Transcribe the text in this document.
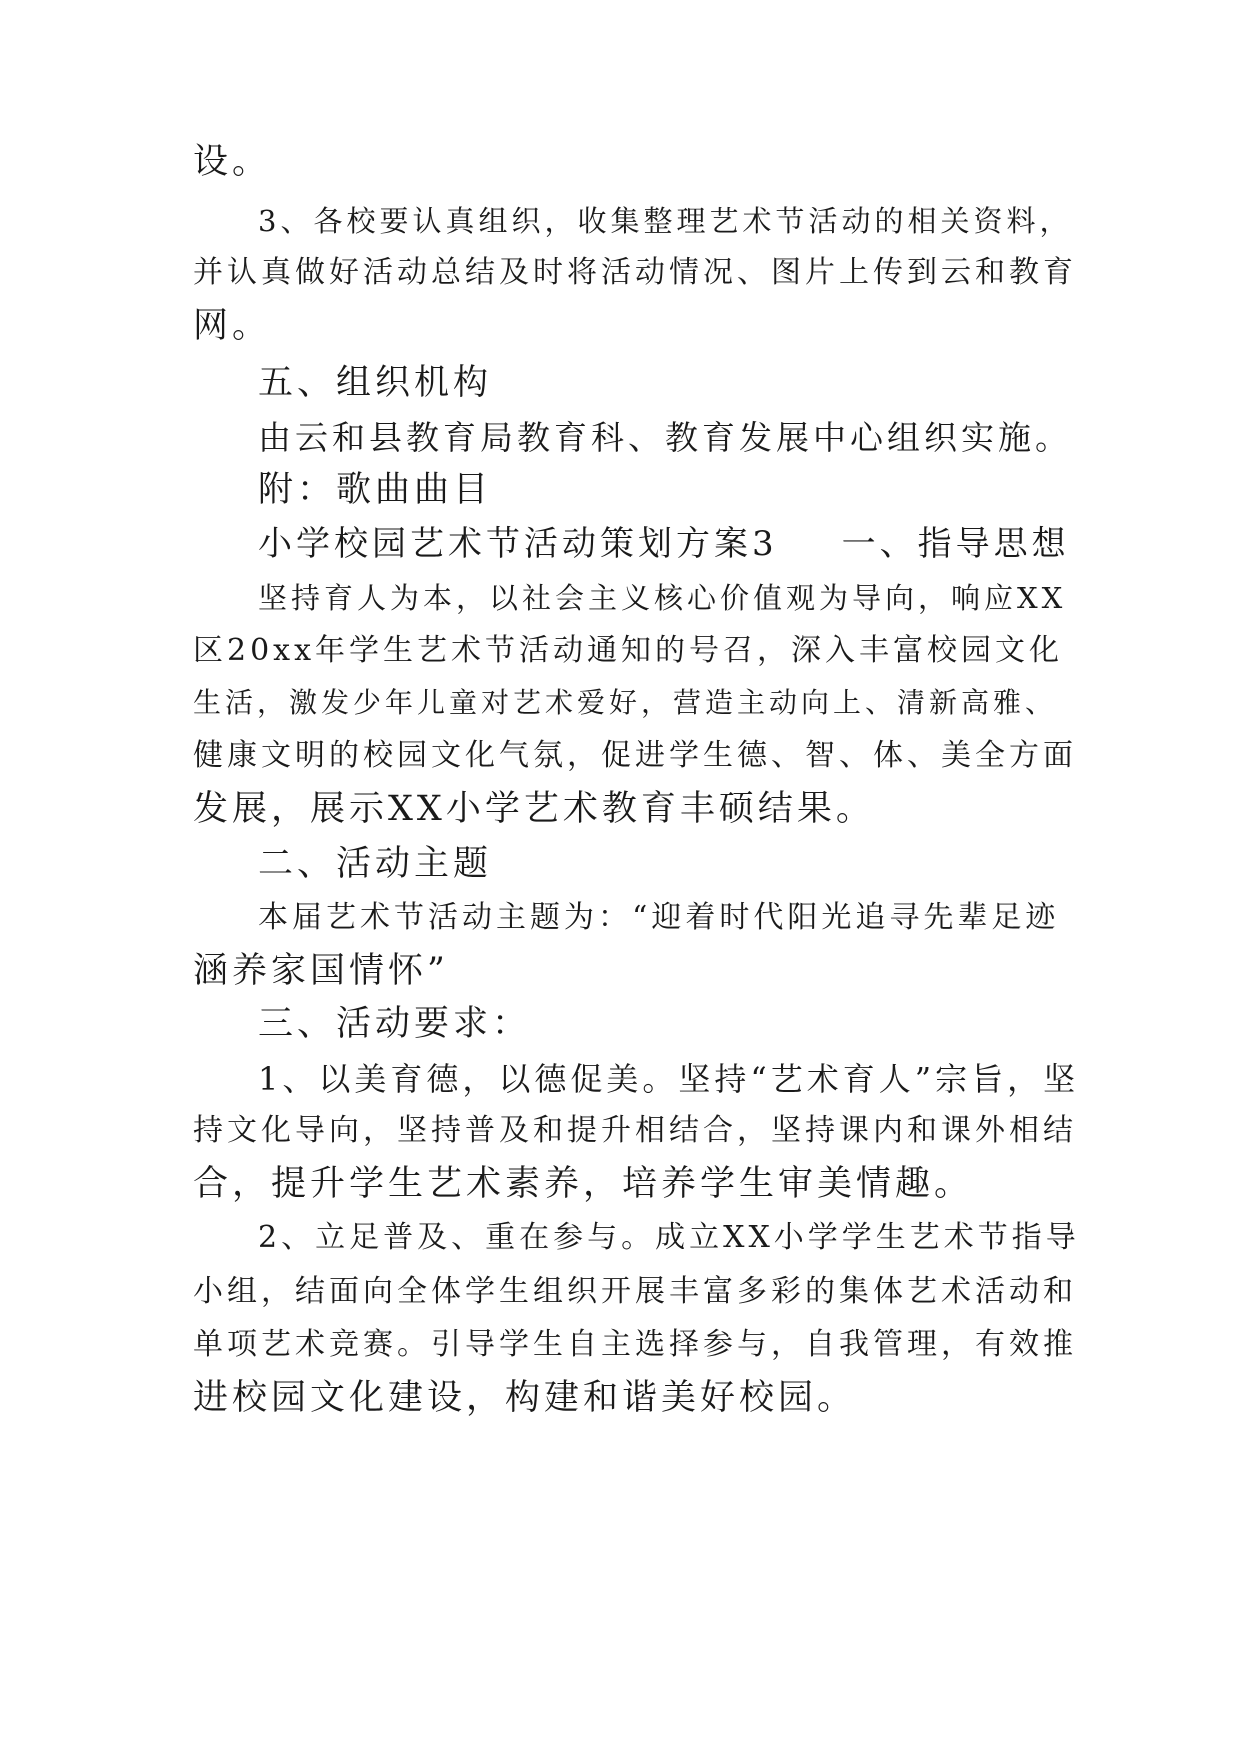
设。
3、各校要认真组织，收集整理艺术节活动的相关资料，
并认真做好活动总结及时将活动情况、图片上传到云和教育
网。
五、组织机构
由云和县教育局教育科、教育发展中心组织实施。
附：歌曲曲目
小学校园艺术节活动策划方案3 一、指导思想
坚持育人为本，以社会主义核心价值观为导向，响应XX
区20xx年学生艺术节活动通知的号召，深入丰富校园文化
生活，激发少年儿童对艺术爱好，营造主动向上、清新高雅、
健康文明的校园文化气氛，促进学生德、智、体、美全方面
发展，展示XX小学艺术教育丰硕结果。
二、活动主题
本届艺术节活动主题为：“迎着时代阳光追寻先辈足迹
涵养家国情怀”
三、活动要求：
1、以美育德，以德促美。坚持“艺术育人”宗旨，坚
持文化导向，坚持普及和提升相结合，坚持课内和课外相结
合，提升学生艺术素养，培养学生审美情趣。
2、立足普及、重在参与。成立XX小学学生艺术节指导
小组，结面向全体学生组织开展丰富多彩的集体艺术活动和
单项艺术竞赛。引导学生自主选择参与，自我管理，有效推
进校园文化建设，构建和谐美好校园。
